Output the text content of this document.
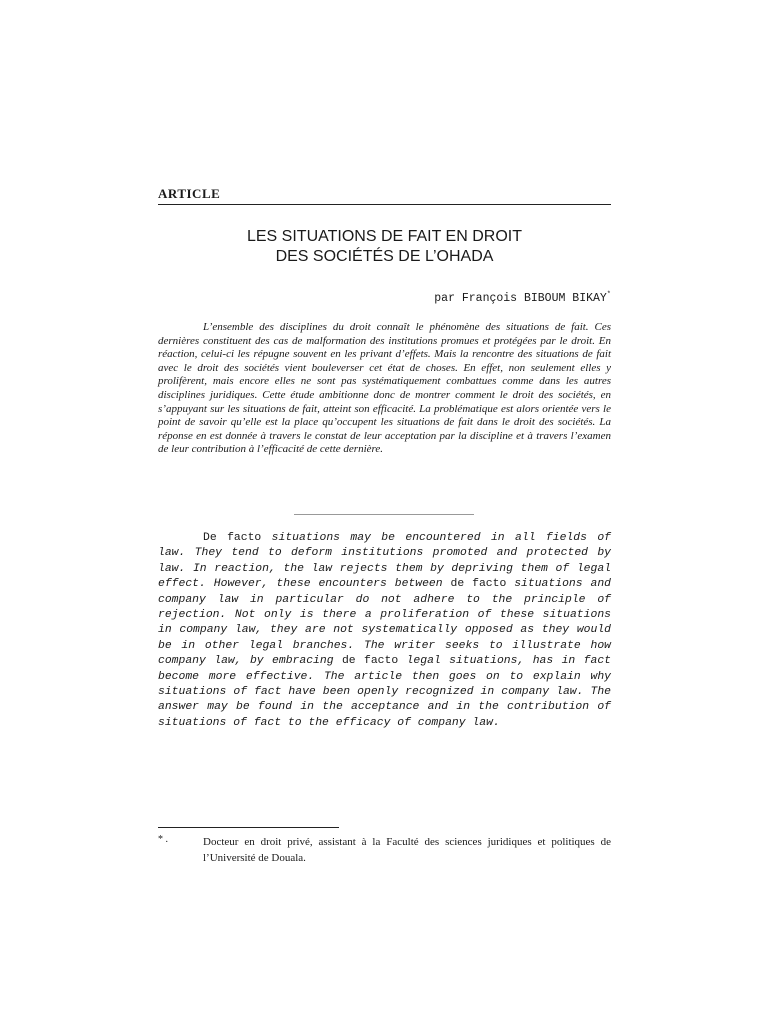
ARTICLE
LES SITUATIONS DE FAIT EN DROIT
DES SOCIÉTÉS DE L’OHADA
par François BIBOUM BIKAY*
L’ensemble des disciplines du droit connaît le phénomène des situations de fait. Ces dernières constituent des cas de malformation des institutions promues et protégées par le droit. En réaction, celui-ci les répugne souvent en les privant d’effets. Mais la rencontre des situations de fait avec le droit des sociétés vient bouleverser cet état de choses. En effet, non seulement elles y prolifèrent, mais encore elles ne sont pas systématiquement combattues comme dans les autres disciplines juridiques. Cette étude ambitionne donc de montrer comment le droit des sociétés, en s’appuyant sur les situations de fait, atteint son efficacité. La problématique est alors orientée vers le point de savoir qu’elle est la place qu’occupent les situations de fait dans le droit des sociétés. La réponse en est donnée à travers le constat de leur acceptation par la discipline et à travers l’examen de leur contribution à l’efficacité de cette dernière.
De facto situations may be encountered in all fields of law. They tend to deform institutions promoted and protected by law. In reaction, the law rejects them by depriving them of legal effect. However, these encounters between de facto situations and company law in particular do not adhere to the principle of rejection. Not only is there a proliferation of these situations in company law, they are not systematically opposed as they would be in other legal branches. The writer seeks to illustrate how company law, by embracing de facto legal situations, has in fact become more effective. The article then goes on to explain why situations of fact have been openly recognized in company law. The answer may be found in the acceptance and in the contribution of situations of fact to the efficacy of company law.
* .	Docteur en droit privé, assistant à la Faculté des sciences juridiques et politiques de l’Université de Douala.
